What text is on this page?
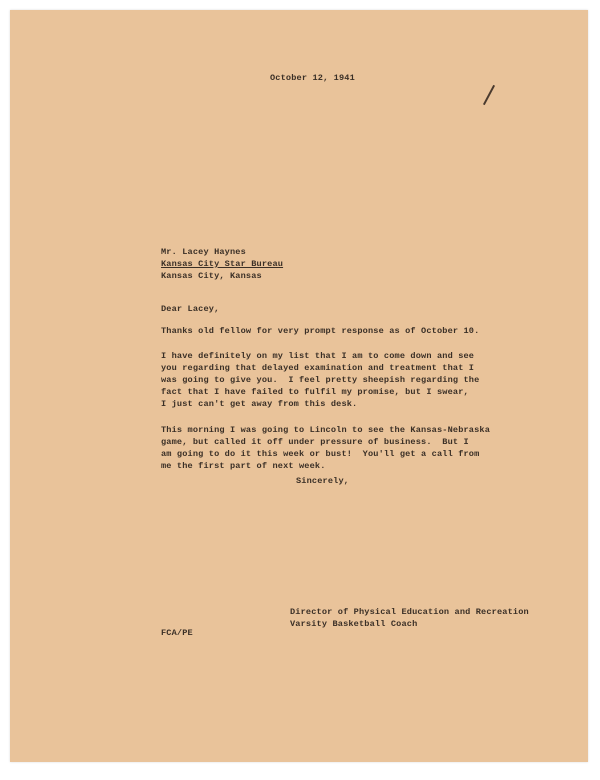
October 12, 1941
Mr. Lacey Haynes
Kansas City Star Bureau
Kansas City, Kansas
Dear Lacey,
Thanks old fellow for very prompt response as of October 10.
I have definitely on my list that I am to come down and see
you regarding that delayed examination and treatment that I
was going to give you.  I feel pretty sheepish regarding the
fact that I have failed to fulfil my promise, but I swear,
I just can't get away from this desk.
This morning I was going to Lincoln to see the Kansas-Nebraska
game, but called it off under pressure of business.  But I
am going to do it this week or bust!  You'll get a call from
me the first part of next week.
Sincerely,
Director of Physical Education and Recreation
Varsity Basketball Coach
FCA/PE
